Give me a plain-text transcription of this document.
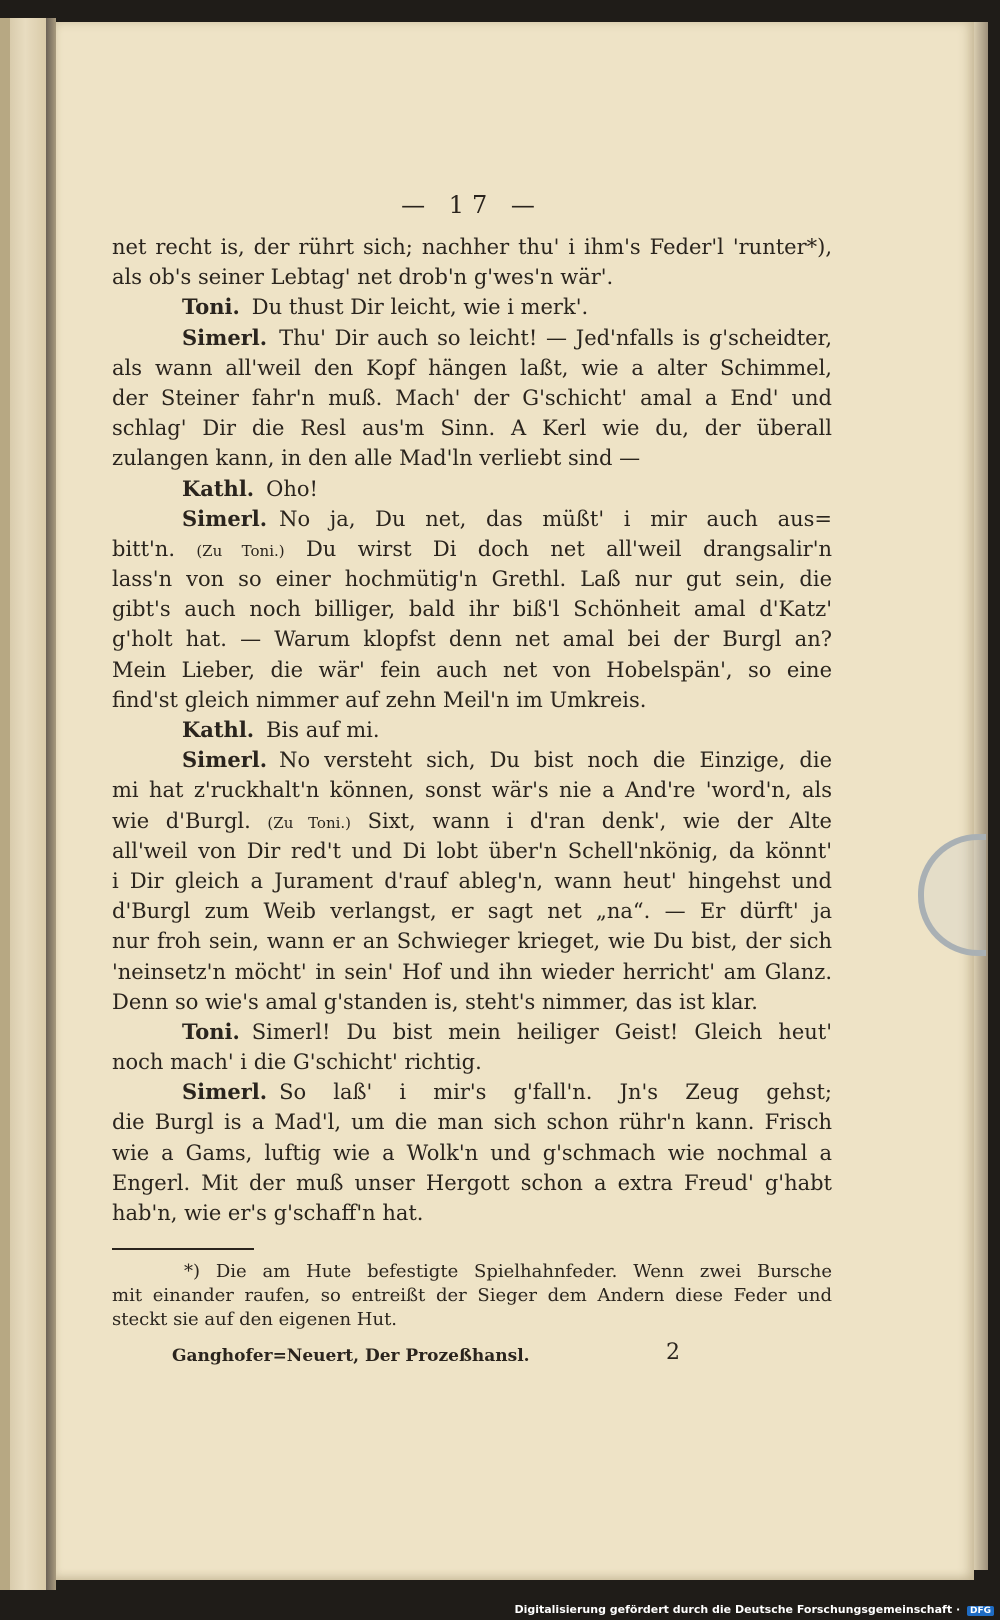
— 17 —
net recht is, der rührt sich; nachher thu' i ihm's Feder'l 'runter*),
als ob's seiner Lebtag' net drob'n g'wes'n wär'.
Toni. Du thust Dir leicht, wie i merk'.
Simerl. Thu' Dir auch so leicht! — Jed'nfalls is g'scheidter,
als wann all'weil den Kopf hängen laßt, wie a alter Schimmel,
der Steiner fahr'n muß. Mach' der G'schicht' amal a End' und
schlag' Dir die Resl aus'm Sinn. A Kerl wie du, der überall
zulangen kann, in den alle Mad'ln verliebt sind —
Kathl. Oho!
Simerl. No ja, Du net, das müßt' i mir auch aus=
bitt'n. (Zu Toni.) Du wirst Di doch net all'weil drangsalir'n
lass'n von so einer hochmütig'n Grethl. Laß nur gut sein, die
gibt's auch noch billiger, bald ihr biß'l Schönheit amal d'Katz'
g'holt hat. — Warum klopfst denn net amal bei der Burgl an?
Mein Lieber, die wär' fein auch net von Hobelspän', so eine
find'st gleich nimmer auf zehn Meil'n im Umkreis.
Kathl. Bis auf mi.
Simerl. No versteht sich, Du bist noch die Einzige, die
mi hat z'ruckhalt'n können, sonst wär's nie a And're 'word'n, als
wie d'Burgl. (Zu Toni.) Sixt, wann i d'ran denk', wie der Alte
all'weil von Dir red't und Di lobt über'n Schell'nkönig, da könnt'
i Dir gleich a Jurament d'rauf ableg'n, wann heut' hingehst und
d'Burgl zum Weib verlangst, er sagt net „na“. — Er dürft' ja
nur froh sein, wann er an Schwieger krieget, wie Du bist, der sich
'neinsetz'n möcht' in sein' Hof und ihn wieder herricht' am Glanz.
Denn so wie's amal g'standen is, steht's nimmer, das ist klar.
Toni. Simerl! Du bist mein heiliger Geist! Gleich heut'
noch mach' i die G'schicht' richtig.
Simerl. So laß' i mir's g'fall'n. Jn's Zeug gehst;
die Burgl is a Mad'l, um die man sich schon rühr'n kann. Frisch
wie a Gams, luftig wie a Wolk'n und g'schmach wie nochmal a
Engerl. Mit der muß unser Hergott schon a extra Freud' g'habt
hab'n, wie er's g'schaff'n hat.
*) Die am Hute befestigte Spielhahnfeder. Wenn zwei Bursche
mit einander raufen, so entreißt der Sieger dem Andern diese Feder und
steckt sie auf den eigenen Hut.
Ganghofer=Neuert, Der Prozeßhansl.	2
Digitalisierung gefördert durch die Deutsche Forschungsgemeinschaft · DFG
